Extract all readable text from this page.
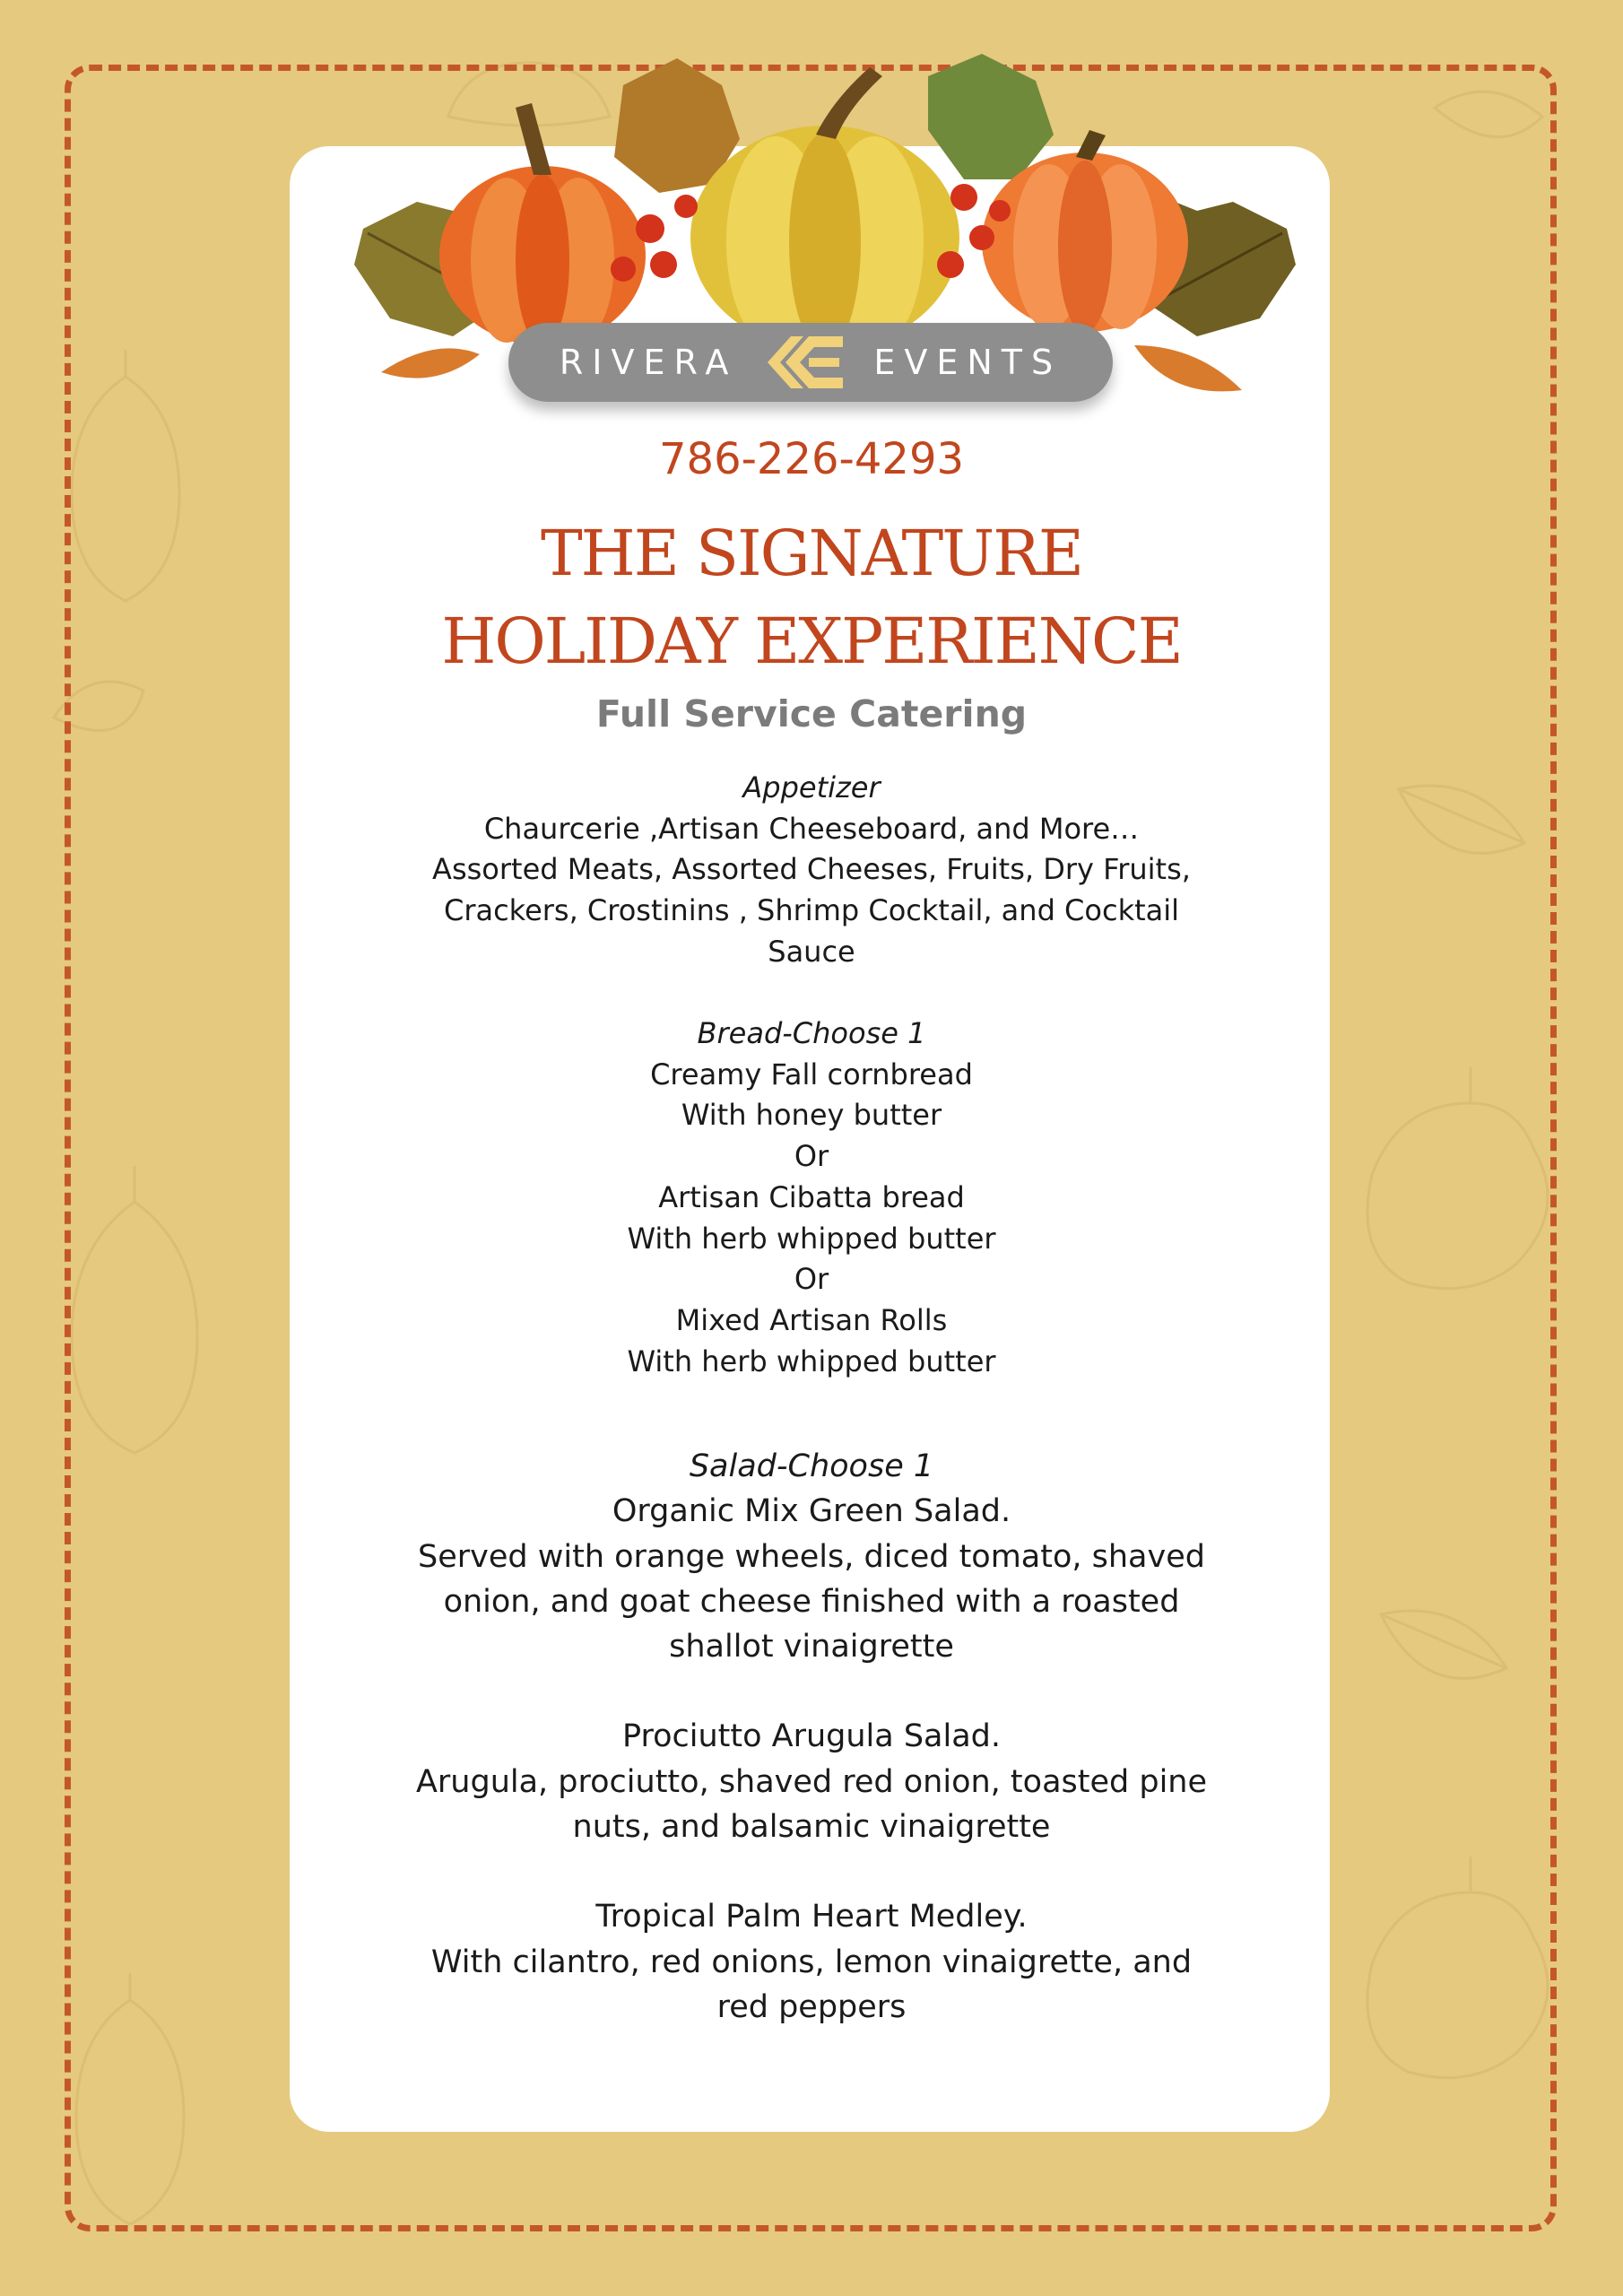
RIVERA	EVENTS
786-226-4293
THE SIGNATURE
HOLIDAY EXPERIENCE
Full Service Catering
Appetizer
Chaurcerie ,Artisan Cheeseboard, and More…
Assorted Meats, Assorted Cheeses, Fruits, Dry Fruits,
Crackers, Crostinins , Shrimp Cocktail, and Cocktail
Sauce
Bread-Choose 1
Creamy Fall cornbread
With honey butter
Or
Artisan Cibatta bread
With herb whipped butter
Or
Mixed Artisan Rolls
With herb whipped butter
Salad-Choose 1
Organic Mix Green Salad.
Served with orange wheels, diced tomato, shaved
onion, and goat cheese finished with a roasted
shallot vinaigrette
Prociutto Arugula Salad.
Arugula, prociutto, shaved red onion, toasted pine
nuts, and balsamic vinaigrette
Tropical Palm Heart Medley.
With cilantro, red onions, lemon vinaigrette, and
red peppers
